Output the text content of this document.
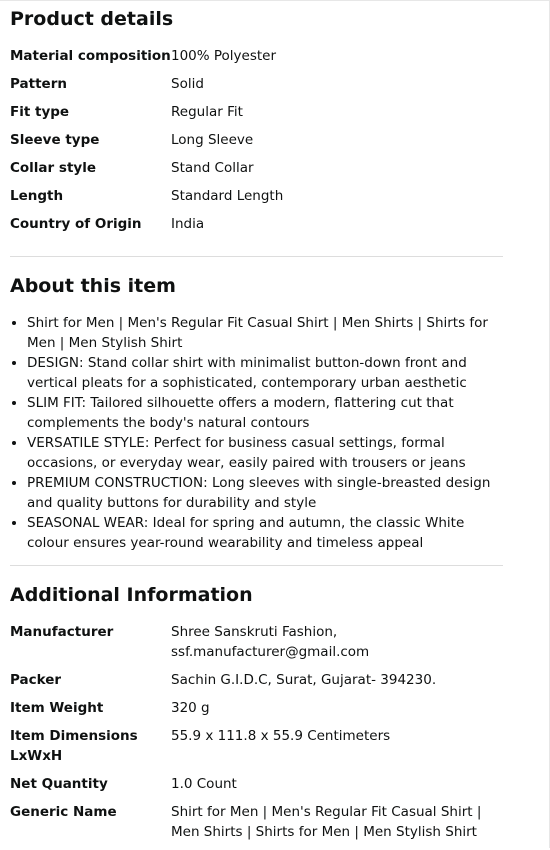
Product details
Material composition	100% Polyester
Pattern	Solid
Fit type	Regular Fit
Sleeve type	Long Sleeve
Collar style	Stand Collar
Length	Standard Length
Country of Origin	India
About this item
• Shirt for Men | Men's Regular Fit Casual Shirt | Men Shirts | Shirts for Men | Men Stylish Shirt
• DESIGN: Stand collar shirt with minimalist button-down front and vertical pleats for a sophisticated, contemporary urban aesthetic
• SLIM FIT: Tailored silhouette offers a modern, flattering cut that complements the body's natural contours
• VERSATILE STYLE: Perfect for business casual settings, formal occasions, or everyday wear, easily paired with trousers or jeans
• PREMIUM CONSTRUCTION: Long sleeves with single-breasted design and quality buttons for durability and style
• SEASONAL WEAR: Ideal for spring and autumn, the classic White colour ensures year-round wearability and timeless appeal
Additional Information
Manufacturer	Shree Sanskruti Fashion, ssf.manufacturer@gmail.com
Packer	Sachin G.I.D.C, Surat, Gujarat- 394230.
Item Weight	320 g
Item Dimensions LxWxH	55.9 x 111.8 x 55.9 Centimeters
Net Quantity	1.0 Count
Generic Name	Shirt for Men | Men's Regular Fit Casual Shirt | Men Shirts | Shirts for Men | Men Stylish Shirt
